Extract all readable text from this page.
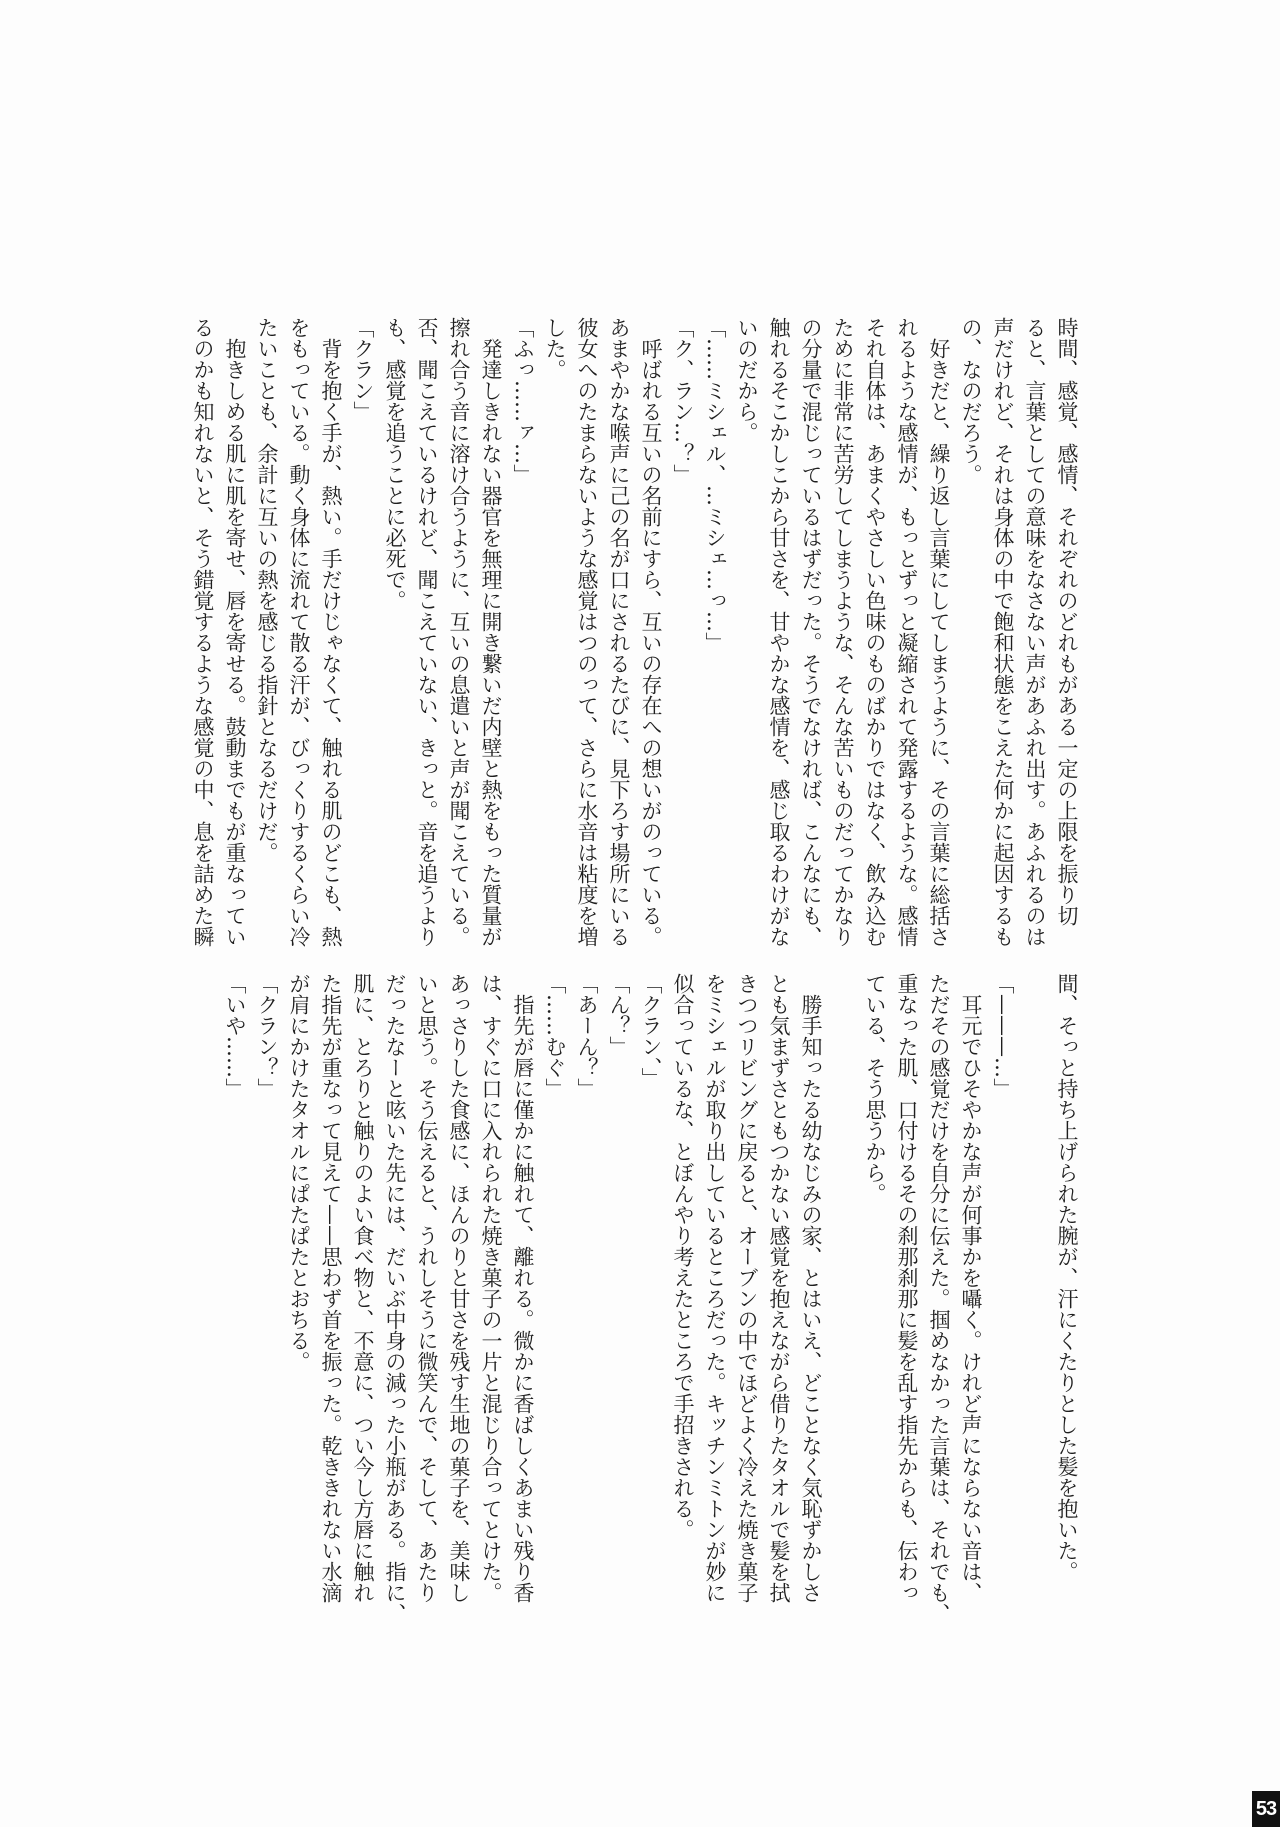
時間、感覚、感情、それぞれのどれもがある一定の上限を振り切
ると、言葉としての意味をなさない声があふれ出す。あふれるのは
声だけれど、それは身体の中で飽和状態をこえた何かに起因するも
の、なのだろう。
　好きだと、繰り返し言葉にしてしまうように、その言葉に総括さ
れるような感情が、もっとずっと凝縮されて発露するような。感情
それ自体は、あまくやさしい色味のものばかりではなく、飲み込む
ために非常に苦労してしまうような、そんな苦いものだってかなり
の分量で混じっているはずだった。そうでなければ、こんなにも、
触れるそこかしこから甘さを、甘やかな感情を、感じ取るわけがな
いのだから。
「……ミシェル、…ミシェ…っ…」
「ク、ラン…？」
　呼ばれる互いの名前にすら、互いの存在への想いがのっている。
あまやかな喉声に己の名が口にされるたびに、見下ろす場所にいる
彼女へのたまらないような感覚はつのって、さらに水音は粘度を増
した。
「ふっ……ァ…」
　発達しきれない器官を無理に開き繋いだ内壁と熱をもった質量が
擦れ合う音に溶け合うように、互いの息遣いと声が聞こえている。
否、聞こえているけれど、聞こえていない、きっと。音を追うより
も、感覚を追うことに必死で。
「クラン」
　背を抱く手が、熱い。手だけじゃなくて、触れる肌のどこも、熱
をもっている。動く身体に流れて散る汗が、びっくりするくらい冷
たいことも、余計に互いの熱を感じる指針となるだけだ。
　抱きしめる肌に肌を寄せ、唇を寄せる。鼓動までもが重なってい
るのかも知れないと、そう錯覚するような感覚の中、息を詰めた瞬
間、そっと持ち上げられた腕が、汗にくたりとした髪を抱いた。
「———…」
　耳元でひそやかな声が何事かを囁く。けれど声にならない音は、
ただその感覚だけを自分に伝えた。掴めなかった言葉は、それでも、
重なった肌、口付けるその刹那刹那に髪を乱す指先からも、伝わっ
ている、そう思うから。
　勝手知ったる幼なじみの家、とはいえ、どことなく気恥ずかしさ
とも気まずさともつかない感覚を抱えながら借りたタオルで髪を拭
きつつリビングに戻ると、オーブンの中でほどよく冷えた焼き菓子
をミシェルが取り出しているところだった。キッチンミトンが妙に
似合っているな、とぼんやり考えたところで手招きされる。
「クラン、」
「ん？」
「あーん？」
「……むぐ」
　指先が唇に僅かに触れて、離れる。微かに香ばしくあまい残り香
は、すぐに口に入れられた焼き菓子の一片と混じり合ってとけた。
あっさりした食感に、ほんのりと甘さを残す生地の菓子を、美味し
いと思う。そう伝えると、うれしそうに微笑んで、そして、あたり
だったなーと呟いた先には、だいぶ中身の減った小瓶がある。指に、
肌に、とろりと触りのよい食べ物と、不意に、つい今し方唇に触れ
た指先が重なって見えて——思わず首を振った。乾ききれない水滴
が肩にかけたタオルにぱたぱたとおちる。
「クラン？」
「いや……」
53
